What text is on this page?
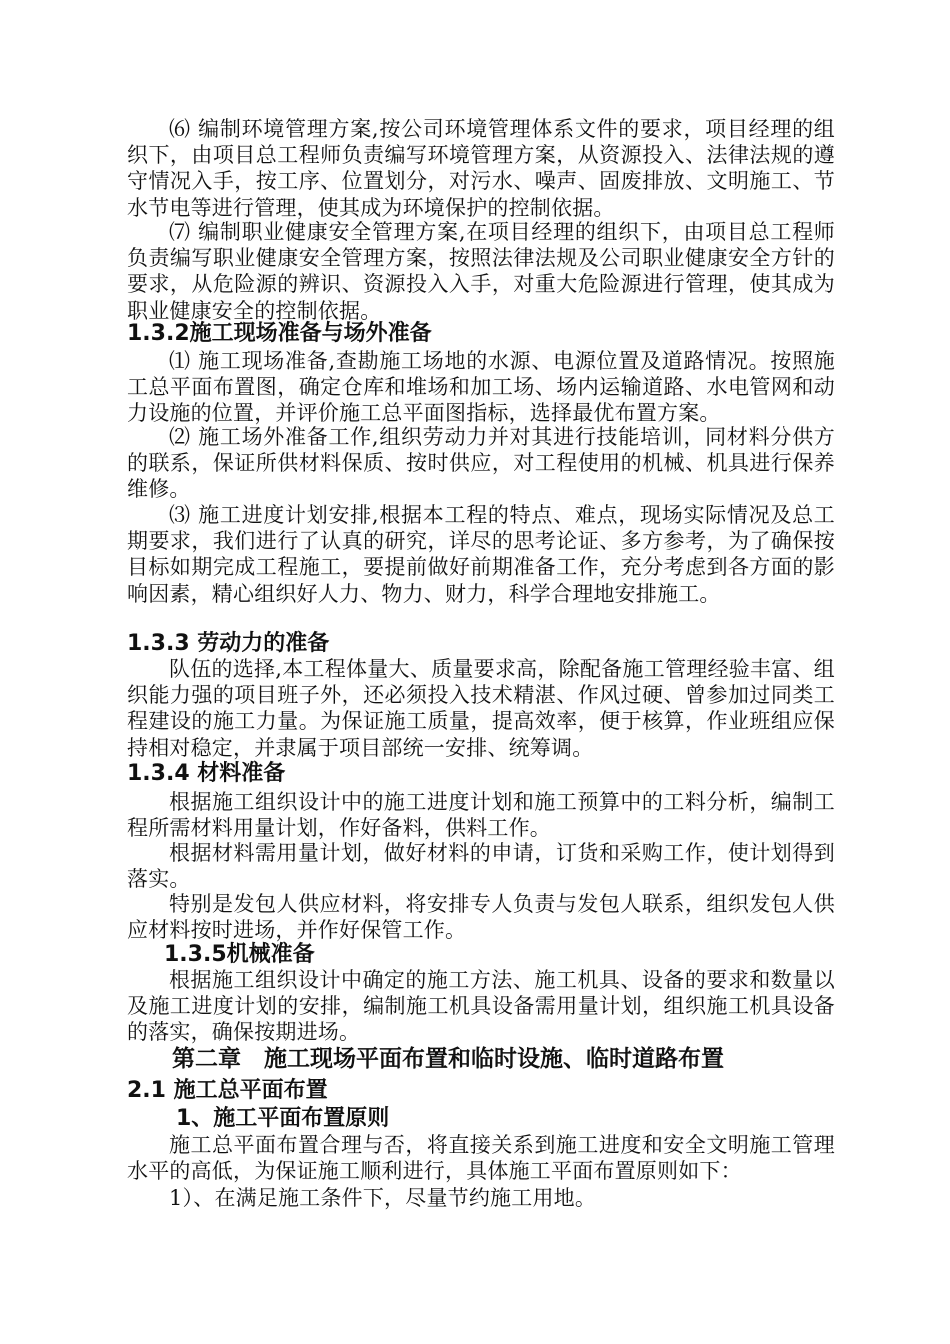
⑹ 编制环境管理方案,按公司环境管理体系文件的要求，项目经理的组织下，由项目总工程师负责编写环境管理方案，从资源投入、法律法规的遵守情况入手，按工序、位置划分，对污水、噪声、固废排放、文明施工、节水节电等进行管理，使其成为环境保护的控制依据。

⑺ 编制职业健康安全管理方案,在项目经理的组织下，由项目总工程师负责编写职业健康安全管理方案，按照法律法规及公司职业健康安全方针的要求，从危险源的辨识、资源投入入手，对重大危险源进行管理，使其成为职业健康安全的控制依据。

1.3.2施工现场准备与场外准备

⑴ 施工现场准备,查勘施工场地的水源、电源位置及道路情况。按照施工总平面布置图，确定仓库和堆场和加工场、场内运输道路、水电管网和动力设施的位置，并评价施工总平面图指标，选择最优布置方案。

⑵ 施工场外准备工作,组织劳动力并对其进行技能培训，同材料分供方的联系，保证所供材料保质、按时供应，对工程使用的机械、机具进行保养维修。

⑶ 施工进度计划安排,根据本工程的特点、难点，现场实际情况及总工期要求，我们进行了认真的研究，详尽的思考论证、多方参考，为了确保按目标如期完成工程施工，要提前做好前期准备工作，充分考虑到各方面的影响因素，精心组织好人力、物力、财力，科学合理地安排施工。

1.3.3 劳动力的准备

队伍的选择,本工程体量大、质量要求高，除配备施工管理经验丰富、组织能力强的项目班子外，还必须投入技术精湛、作风过硬、曾参加过同类工程建设的施工力量。为保证施工质量，提高效率，便于核算，作业班组应保持相对稳定，并隶属于项目部统一安排、统筹调。

1.3.4 材料准备

根据施工组织设计中的施工进度计划和施工预算中的工料分析，编制工程所需材料用量计划，作好备料，供料工作。

根据材料需用量计划，做好材料的申请，订货和采购工作，使计划得到落实。

特别是发包人供应材料，将安排专人负责与发包人联系，组织发包人供应材料按时进场，并作好保管工作。

1.3.5机械准备

根据施工组织设计中确定的施工方法、施工机具、设备的要求和数量以及施工进度计划的安排，编制施工机具设备需用量计划，组织施工机具设备的落实，确保按期进场。

第二章　施工现场平面布置和临时设施、临时道路布置
2.1 施工总平面布置
1、施工平面布置原则

施工总平面布置合理与否，将直接关系到施工进度和安全文明施工管理水平的高低，为保证施工顺利进行，具体施工平面布置原则如下：

1）、在满足施工条件下，尽量节约施工用地。
